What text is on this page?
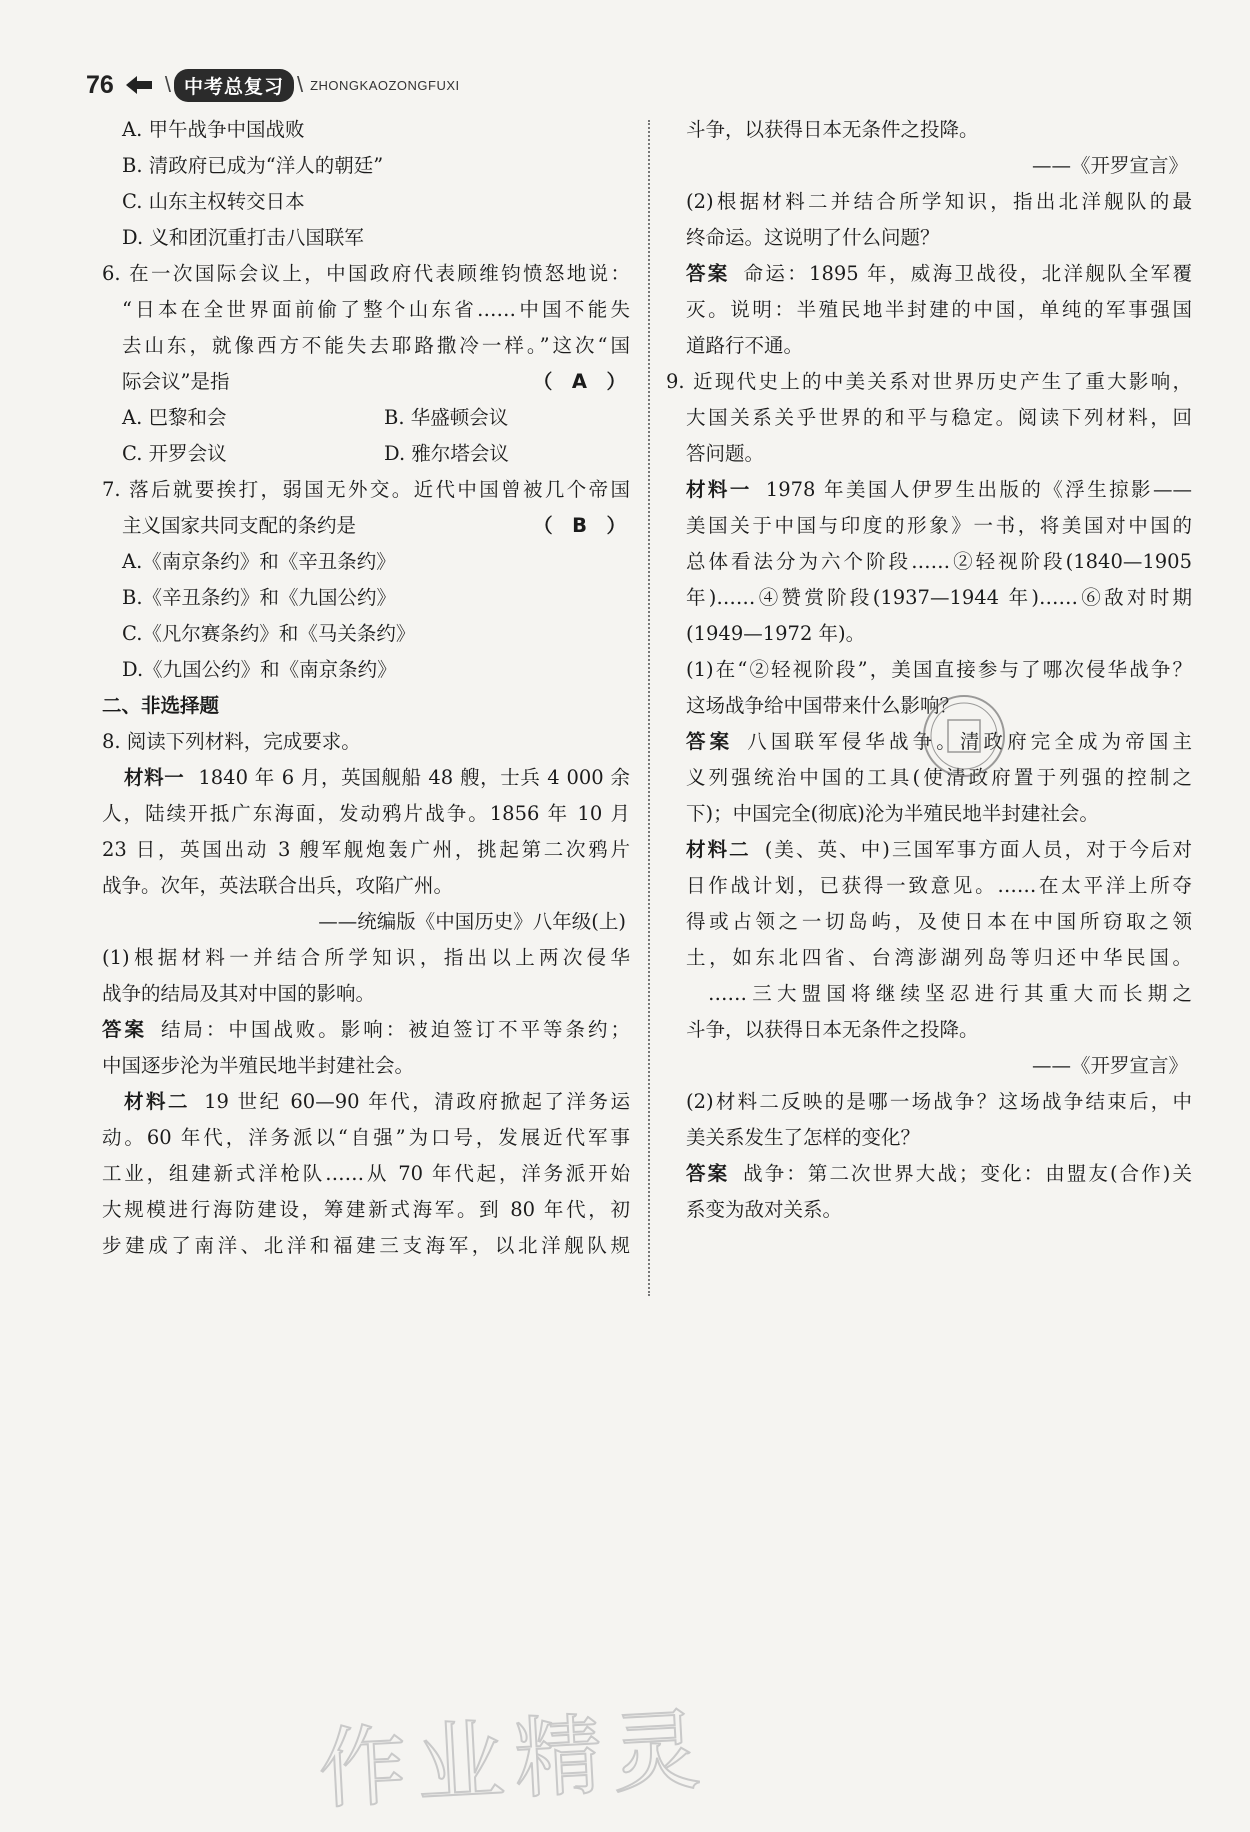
76 \ 中考总复习 \ ZHONGKAOZONGFUXI
A. 甲午战争中国战败
B. 清政府已成为“洋人的朝廷”
C. 山东主权转交日本
D. 义和团沉重打击八国联军
6. 在一次国际会议上，中国政府代表顾维钧愤怒地说：
“日本在全世界面前偷了整个山东省……中国不能失
去山东，就像西方不能失去耶路撒冷一样。”这次“国
际会议”是指	（　A　）
A. 巴黎和会	B. 华盛顿会议
C. 开罗会议	D. 雅尔塔会议
7. 落后就要挨打，弱国无外交。近代中国曾被几个帝国
主义国家共同支配的条约是	（　B　）
A.《南京条约》和《辛丑条约》
B.《辛丑条约》和《九国公约》
C.《凡尔赛条约》和《马关条约》
D.《九国公约》和《南京条约》
二、非选择题
8. 阅读下列材料，完成要求。
材料一 1840 年 6 月，英国舰船 48 艘，士兵 4 000 余
人，陆续开抵广东海面，发动鸦片战争。1856 年 10 月
23 日，英国出动 3 艘军舰炮轰广州，挑起第二次鸦片
战争。次年，英法联合出兵，攻陷广州。
——统编版《中国历史》八年级(上)
(1)根据材料一并结合所学知识，指出以上两次侵华
战争的结局及其对中国的影响。
答案 结局：中国战败。影响：被迫签订不平等条约；
中国逐步沦为半殖民地半封建社会。
材料二 19 世纪 60—90 年代，清政府掀起了洋务运
动。60 年代，洋务派以“自强”为口号，发展近代军事
工业，组建新式洋枪队……从 70 年代起，洋务派开始
大规模进行海防建设，筹建新式海军。到 80 年代，初
步建成了南洋、北洋和福建三支海军，以北洋舰队规
斗争，以获得日本无条件之投降。
——《开罗宣言》
(2)根据材料二并结合所学知识，指出北洋舰队的最
终命运。这说明了什么问题？
答案 命运：1895 年，威海卫战役，北洋舰队全军覆
灭。说明：半殖民地半封建的中国，单纯的军事强国
道路行不通。
9. 近现代史上的中美关系对世界历史产生了重大影响，
大国关系关乎世界的和平与稳定。阅读下列材料，回
答问题。
材料一 1978 年美国人伊罗生出版的《浮生掠影——
美国关于中国与印度的形象》一书，将美国对中国的
总体看法分为六个阶段……②轻视阶段(1840—1905
年)……④赞赏阶段(1937—1944 年)……⑥敌对时期
(1949—1972 年)。
(1)在“②轻视阶段”，美国直接参与了哪次侵华战争？
这场战争给中国带来什么影响？
答案 八国联军侵华战争。清政府完全成为帝国主
义列强统治中国的工具(使清政府置于列强的控制之
下)；中国完全(彻底)沦为半殖民地半封建社会。
材料二 (美、英、中)三国军事方面人员，对于今后对
日作战计划，已获得一致意见。……在太平洋上所夺
得或占领之一切岛屿，及使日本在中国所窃取之领
土，如东北四省、台湾澎湖列岛等归还中华民国。
……三大盟国将继续坚忍进行其重大而长期之
斗争，以获得日本无条件之投降。
——《开罗宣言》
(2)材料二反映的是哪一场战争？这场战争结束后，中
美关系发生了怎样的变化？
答案 战争：第二次世界大战；变化：由盟友(合作)关
系变为敌对关系。
作业精灵
